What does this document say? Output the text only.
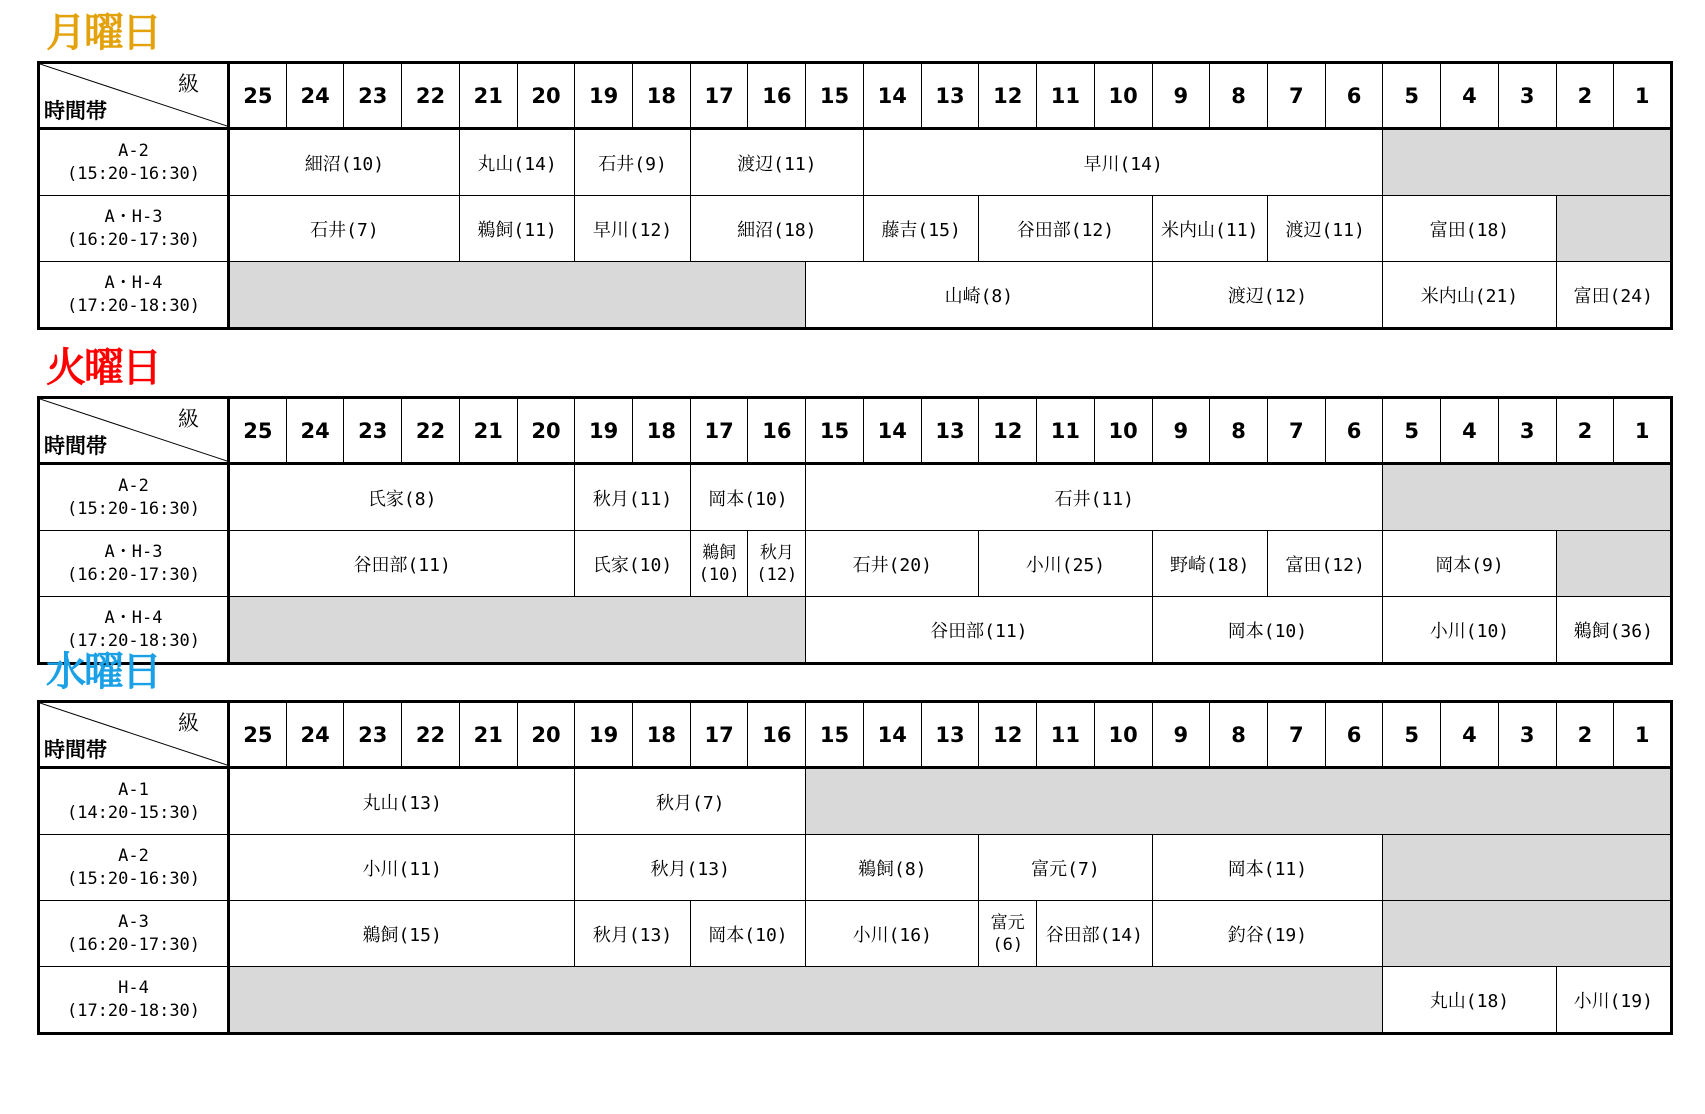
月曜日
級
時間帯	25	24	23	22	21	20	19	18	17	16	15	14	13	12	11	10	9	8	7	6	5	4	3	2	1

A-2
(15:20-16:30)	細沼(10)				丸山(14)		石井(9)		渡辺(11)			早川(14)													

A・H-3
(16:20-17:30)	石井(7)				鵜飼(11)		早川(12)		細沼(18)			藤吉(15)		谷田部(12)			米内山(11)		渡辺(11)		富田(18)				

A・H-4
(17:20-18:30)											山崎(8)						渡辺(12)				米内山(21)			富田(24)	
火曜日
級
時間帯	25	24	23	22	21	20	19	18	17	16	15	14	13	12	11	10	9	8	7	6	5	4	3	2	1

A-2
(15:20-16:30)	氏家(8)						秋月(11)		岡本(10)		石井(11)														

A・H-3
(16:20-17:30)	谷田部(11)						氏家(10)		鵜飼
(10)	秋月
(12)	石井(20)			小川(25)			野崎(18)		富田(12)		岡本(9)				

A・H-4
(17:20-18:30)											谷田部(11)						岡本(10)				小川(10)			鵜飼(36)	
水曜日
級
時間帯	25	24	23	22	21	20	19	18	17	16	15	14	13	12	11	10	9	8	7	6	5	4	3	2	1

A-1
(14:20-15:30)	丸山(13)						秋月(7)																		

A-2
(15:20-16:30)	小川(11)						秋月(13)				鵜飼(8)			富元(7)			岡本(11)								

A-3
(16:20-17:30)	鵜飼(15)						秋月(13)		岡本(10)		小川(16)			富元
(6)	谷田部(14)		釣谷(19)								

H-4
(17:20-18:30)																					丸山(18)			小川(19)	
